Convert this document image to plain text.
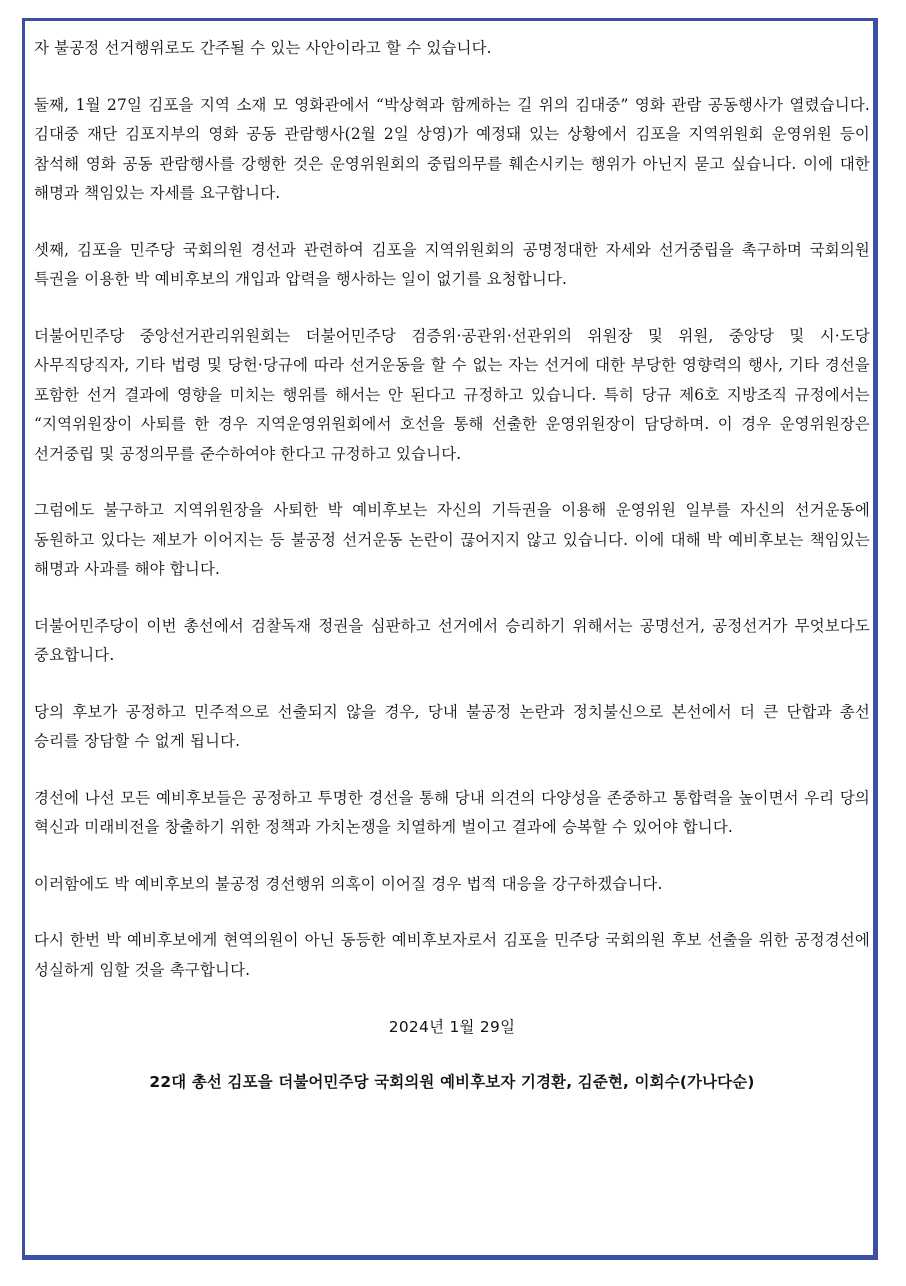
자 불공정 선거행위로도 간주될 수 있는 사안이라고 할 수 있습니다.

둘째, 1월 27일 김포을 지역 소재 모 영화관에서 “박상혁과 함께하는 길 위의 김대중” 영화 관람 공동행사가 열렸습니다. 김대중 재단 김포지부의 영화 공동 관람행사(2월 2일 상영)가 예정돼 있는 상황에서 김포을 지역위원회 운영위원 등이 참석해 영화 공동 관람행사를 강행한 것은 운영위원회의 중립의무를 훼손시키는 행위가 아닌지 묻고 싶습니다. 이에 대한 해명과 책임있는 자세를 요구합니다.

셋째, 김포을 민주당 국회의원 경선과 관련하여 김포을 지역위원회의 공명정대한 자세와 선거중립을 촉구하며 국회의원 특권을 이용한 박 예비후보의 개입과 압력을 행사하는 일이 없기를 요청합니다.

더불어민주당 중앙선거관리위원회는 더불어민주당 검증위·공관위·선관위의 위원장 및 위원, 중앙당 및 시·도당 사무직당직자, 기타 법령 및 당헌·당규에 따라 선거운동을 할 수 없는 자는 선거에 대한 부당한 영향력의 행사, 기타 경선을 포함한 선거 결과에 영향을 미치는 행위를 해서는 안 된다고 규정하고 있습니다. 특히 당규 제6호 지방조직 규정에서는 “지역위원장이 사퇴를 한 경우 지역운영위원회에서 호선을 통해 선출한 운영위원장이 담당하며. 이 경우 운영위원장은 선거중립 및 공정의무를 준수하여야 한다고 규정하고 있습니다.

그럼에도 불구하고 지역위원장을 사퇴한 박 예비후보는 자신의 기득권을 이용해 운영위원 일부를 자신의 선거운동에 동원하고 있다는 제보가 이어지는 등 불공정 선거운동 논란이 끊어지지 않고 있습니다. 이에 대해 박 예비후보는 책임있는 해명과 사과를 해야 합니다.

더불어민주당이 이번 총선에서 검찰독재 정권을 심판하고 선거에서 승리하기 위해서는 공명선거, 공정선거가 무엇보다도 중요합니다.

당의 후보가 공정하고 민주적으로 선출되지 않을 경우, 당내 불공정 논란과 정치불신으로 본선에서 더 큰 단합과 총선 승리를 장담할 수 없게 됩니다.

경선에 나선 모든 예비후보들은 공정하고 투명한 경선을 통해 당내 의견의 다양성을 존중하고 통합력을 높이면서 우리 당의 혁신과 미래비전을 창출하기 위한 정책과 가치논쟁을 치열하게 벌이고 결과에 승복할 수 있어야 합니다.

이러함에도 박 예비후보의 불공정 경선행위 의혹이 이어질 경우 법적 대응을 강구하겠습니다.

다시 한번 박 예비후보에게 현역의원이 아닌 동등한 예비후보자로서 김포을 민주당 국회의원 후보 선출을 위한 공정경선에 성실하게 임할 것을 촉구합니다.

2024년 1월 29일

22대 총선 김포을 더불어민주당 국회의원 예비후보자 기경환, 김준현, 이회수(가나다순)
